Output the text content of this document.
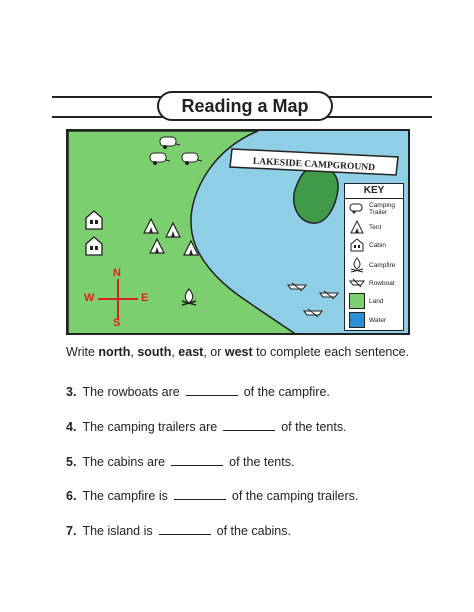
Reading a Map
LAKESIDE CAMPGROUND
N
S
W	E
KEY
Camping Trailer
Tent
Cabin
Campfire
Rowboat
Land
Water
Write north, south, east, or west to complete each sentence.
3. The rowboats are	of the campfire.
4. The camping trailers are	of the tents.
5. The cabins are	of the tents.
6. The campfire is	of the camping trailers.
7. The island is	of the cabins.
